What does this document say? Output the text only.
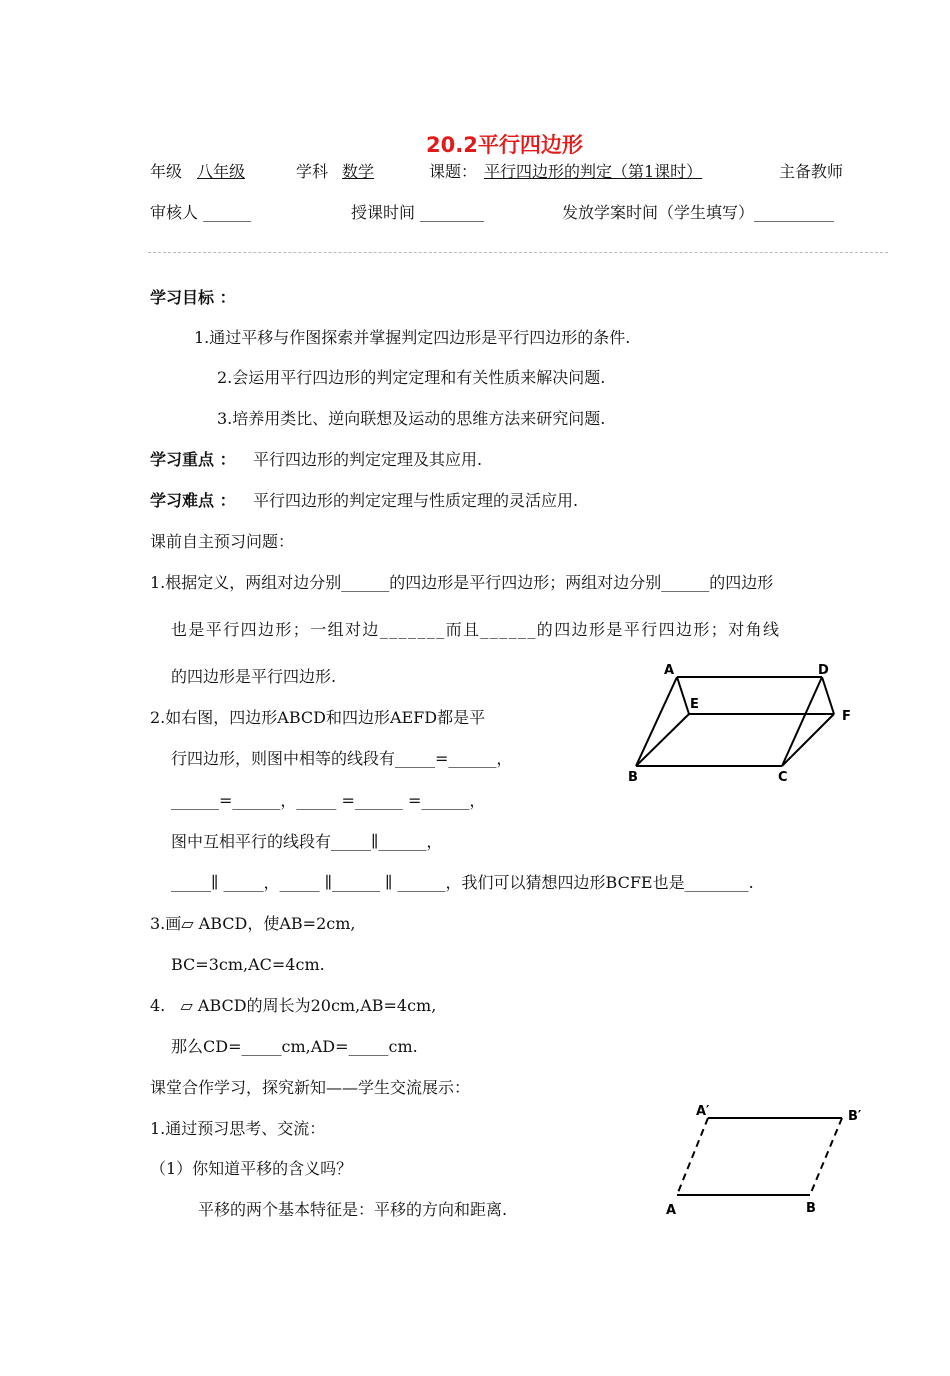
20.2平行四边形
年级 八年级	学科 数学	课题： 平行四边形的判定（第1课时）	主备教师
审核人 ______	授课时间 ________	发放学案时间（学生填写）__________
学习目标 ：
1.通过平移与作图探索并掌握判定四边形是平行四边形的条件.
2.会运用平行四边形的判定定理和有关性质来解决问题.
3.培养用类比、逆向联想及运动的思维方法来研究问题.
学习重点 ： 平行四边形的判定定理及其应用.
学习难点 ： 平行四边形的判定定理与性质定理的灵活应用.
课前自主预习问题：
1.根据定义，两组对边分别______的四边形是平行四边形；两组对边分别______的四边形
也是平行四边形；一组对边_______而且______的四边形是平行四边形；对角线
的四边形是平行四边形.
2.如右图，四边形ABCD和四边形AEFD都是平
行四边形，则图中相等的线段有_____=______，
______=______，_____ =______ =______，
图中互相平行的线段有_____∥______，
_____∥ _____，_____ ∥______ ∥ ______，我们可以猜想四边形BCFE也是________.
3.画▱ ABCD，使AB=2cm,
BC=3cm,AC=4cm.
4. ▱ ABCD的周长为20cm,AB=4cm,
那么CD=_____cm,AD=_____cm.
课堂合作学习，探究新知——学生交流展示：
1.通过预习思考、交流：
（1）你知道平移的含义吗？
平移的两个基本特征是：平移的方向和距离.
A	D
E
F
B	C
A′	B′
A	B
